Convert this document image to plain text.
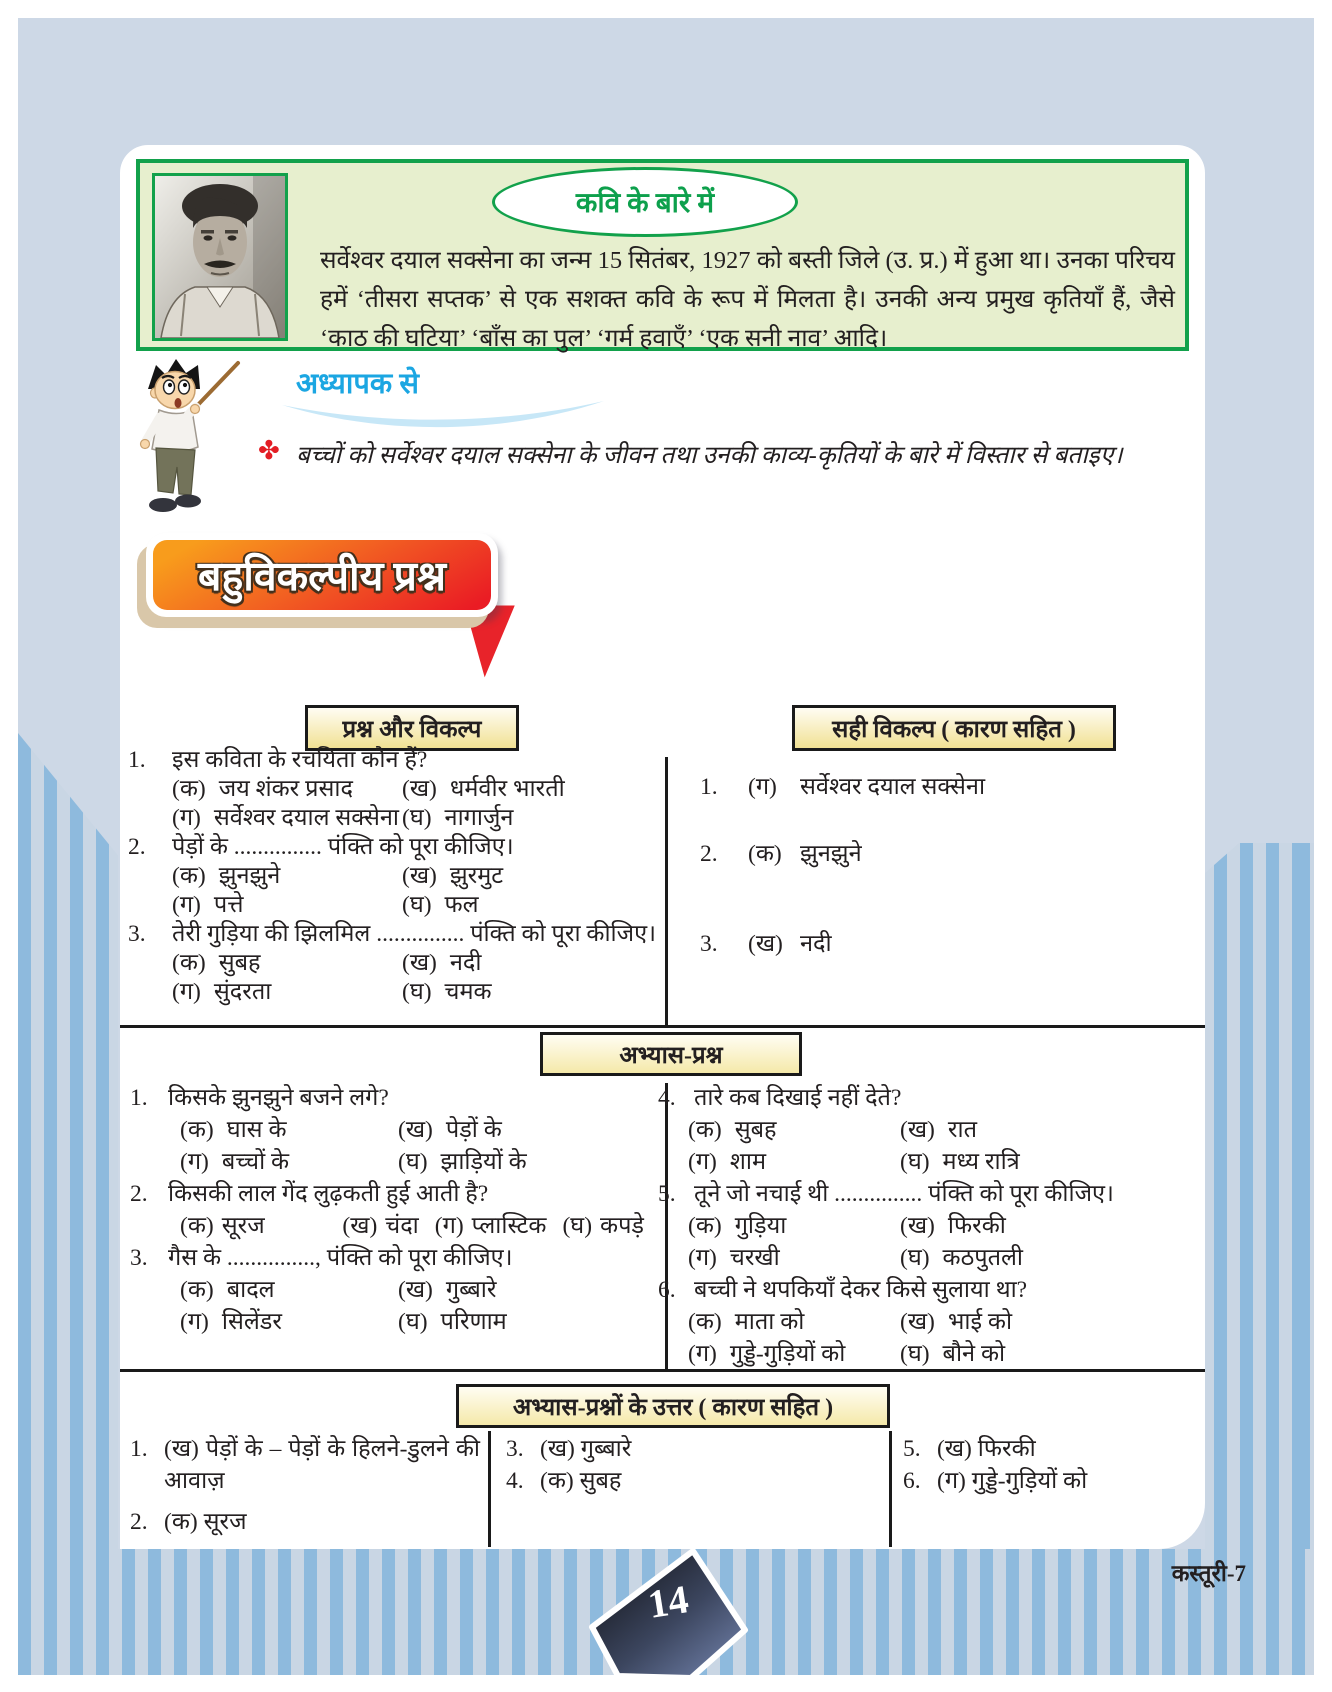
कवि के बारे में
सर्वेश्वर दयाल सक्सेना का जन्म 15 सितंबर, 1927 को बस्ती जिले (उ. प्र.) में हुआ था। उनका परिचय हमें ‘तीसरा सप्तक’ से एक सशक्त कवि के रूप में मिलता है। उनकी अन्य प्रमुख कृतियाँ हैं, जैसे ‘काठ की घटिया’ ‘बाँस का पुल’ ‘गर्म हवाएँ’ ‘एक सनी नाव’ आदि।
अध्यापक से
✤ बच्चों को सर्वेश्वर दयाल सक्सेना के जीवन तथा उनकी काव्य-कृतियों के बारे में विस्तार से बताइए।
बहुविकल्पीय प्रश्न
प्रश्न और विकल्प	सही विकल्प ( कारण सहित )
1.	इस कविता के रचयिता कौन हैं?
(क) जय शंकर प्रसाद (ख) धर्मवीर भारती
(ग) सर्वेश्वर दयाल सक्सेना (घ) नागार्जुन
2.	पेड़ों के ............... पंक्ति को पूरा कीजिए।
(क) झुनझुने	(ख) झुरमुट
(ग) पत्ते	(घ) फल
3.	तेरी गुड़िया की झिलमिल ............... पंक्ति को पूरा कीजिए।
(क) सुबह	(ख) नदी
(ग) सुंदरता	(घ) चमक
1.	(ग) सर्वेश्वर दयाल सक्सेना
2.	(क) झुनझुने
3.	(ख) नदी
अभ्यास-प्रश्न
1. किसके झुनझुने बजने लगे?
(क) घास के	(ख) पेड़ों के
(ग) बच्चों के	(घ) झाड़ियों के
2. किसकी लाल गेंद लुढ़कती हुई आती है?
(क) सूरज	(ख) चंदा (ग) प्लास्टिक (घ) कपड़े
3. गैस के ..............., पंक्ति को पूरा कीजिए।
(क) बादल	(ख) गुब्बारे
(ग) सिलेंडर	(घ) परिणाम
4. तारे कब दिखाई नहीं देते?
(क) सुबह	(ख) रात
(ग) शाम	(घ) मध्य रात्रि
5. तूने जो नचाई थी ............... पंक्ति को पूरा कीजिए।
(क) गुड़िया	(ख) फिरकी
(ग) चरखी	(घ) कठपुतली
6. बच्ची ने थपकियाँ देकर किसे सुलाया था?
(क) माता को	(ख) भाई को
(ग) गुड्डे-गुड़ियों को (घ) बौने को
अभ्यास-प्रश्नों के उत्तर ( कारण सहित )
1. (ख) पेड़ों के – पेड़ों के हिलने-डुलने की आवाज़
2. (क) सूरज
3. (ख) गुब्बारे
4. (क) सुबह
5. (ख) फिरकी
6. (ग) गुड्डे-गुड़ियों को
14
कस्तूरी-7
